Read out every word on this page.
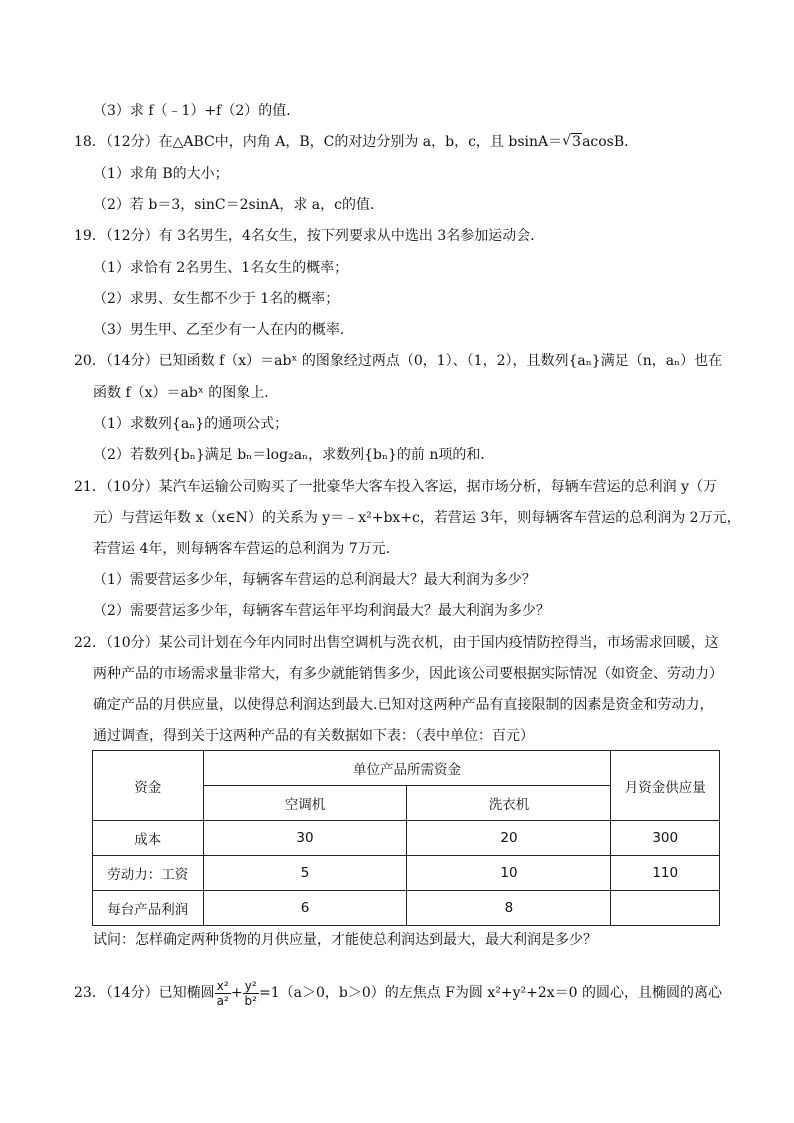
（3）求 f（﹣1）+f（2）的值．
18．（12分）在△ABC中，内角 A，B，C的对边分别为 a，b，c，且 bsinA＝ √ 3acosB．
（1）求角 B的大小；
（2）若 b＝3，sinC＝2sinA，求 a，c的值．
19．（12分）有 3名男生，4名女生，按下列要求从中选出 3名参加运动会．
（1）求恰有 2名男生、1名女生的概率；
（2）求男、女生都不少于 1名的概率；
（3）男生甲、乙至少有一人在内的概率．
20．（14分）已知函数 f（x）＝abˣ 的图象经过两点（0，1）、（1，2），且数列{aₙ}满足（n，aₙ）也在
函数 f（x）＝abˣ 的图象上．
（1）求数列{aₙ}的通项公式；
（2）若数列{bₙ}满足 bₙ＝log₂aₙ，求数列{bₙ}的前 n项的和．
21．（10分）某汽车运输公司购买了一批豪华大客车投入客运，据市场分析，每辆车营运的总利润 y（万
元）与营运年数 x（x∈N）的关系为 y＝﹣x²+bx+c，若营运 3年，则每辆客车营运的总利润为 2万元，
若营运 4年，则每辆客车营运的总利润为 7万元．
（1）需要营运多少年，每辆客车营运的总利润最大？最大利润为多少？
（2）需要营运多少年，每辆客车营运年平均利润最大？最大利润为多少？
22．（10分）某公司计划在今年内同时出售空调机与洗衣机，由于国内疫情防控得当，市场需求回暖，这
两种产品的市场需求量非常大，有多少就能销售多少，因此该公司要根据实际情况（如资金、劳动力）
确定产品的月供应量，以使得总利润达到最大.已知对这两种产品有直接限制的因素是资金和劳动力，
通过调查，得到关于这两种产品的有关数据如下表：（表中单位：百元）
资金	单位产品所需资金		月资金供应量
	空调机	洗衣机	
成本	30	20	300
劳动力：工资	5	10	110
每台产品利润	6	8	
试问：怎样确定两种货物的月供应量，才能使总利润达到最大，最大利润是多少？
23．（14分）已知椭圆 $\frac{\text{x²}}{\text{a²}} + \frac{\text{y²}}{\text{b²}} =1(a>0$，b＞0）的左焦点 F为圆 x²+y²+2x＝0 的圆心，且椭圆的离心
